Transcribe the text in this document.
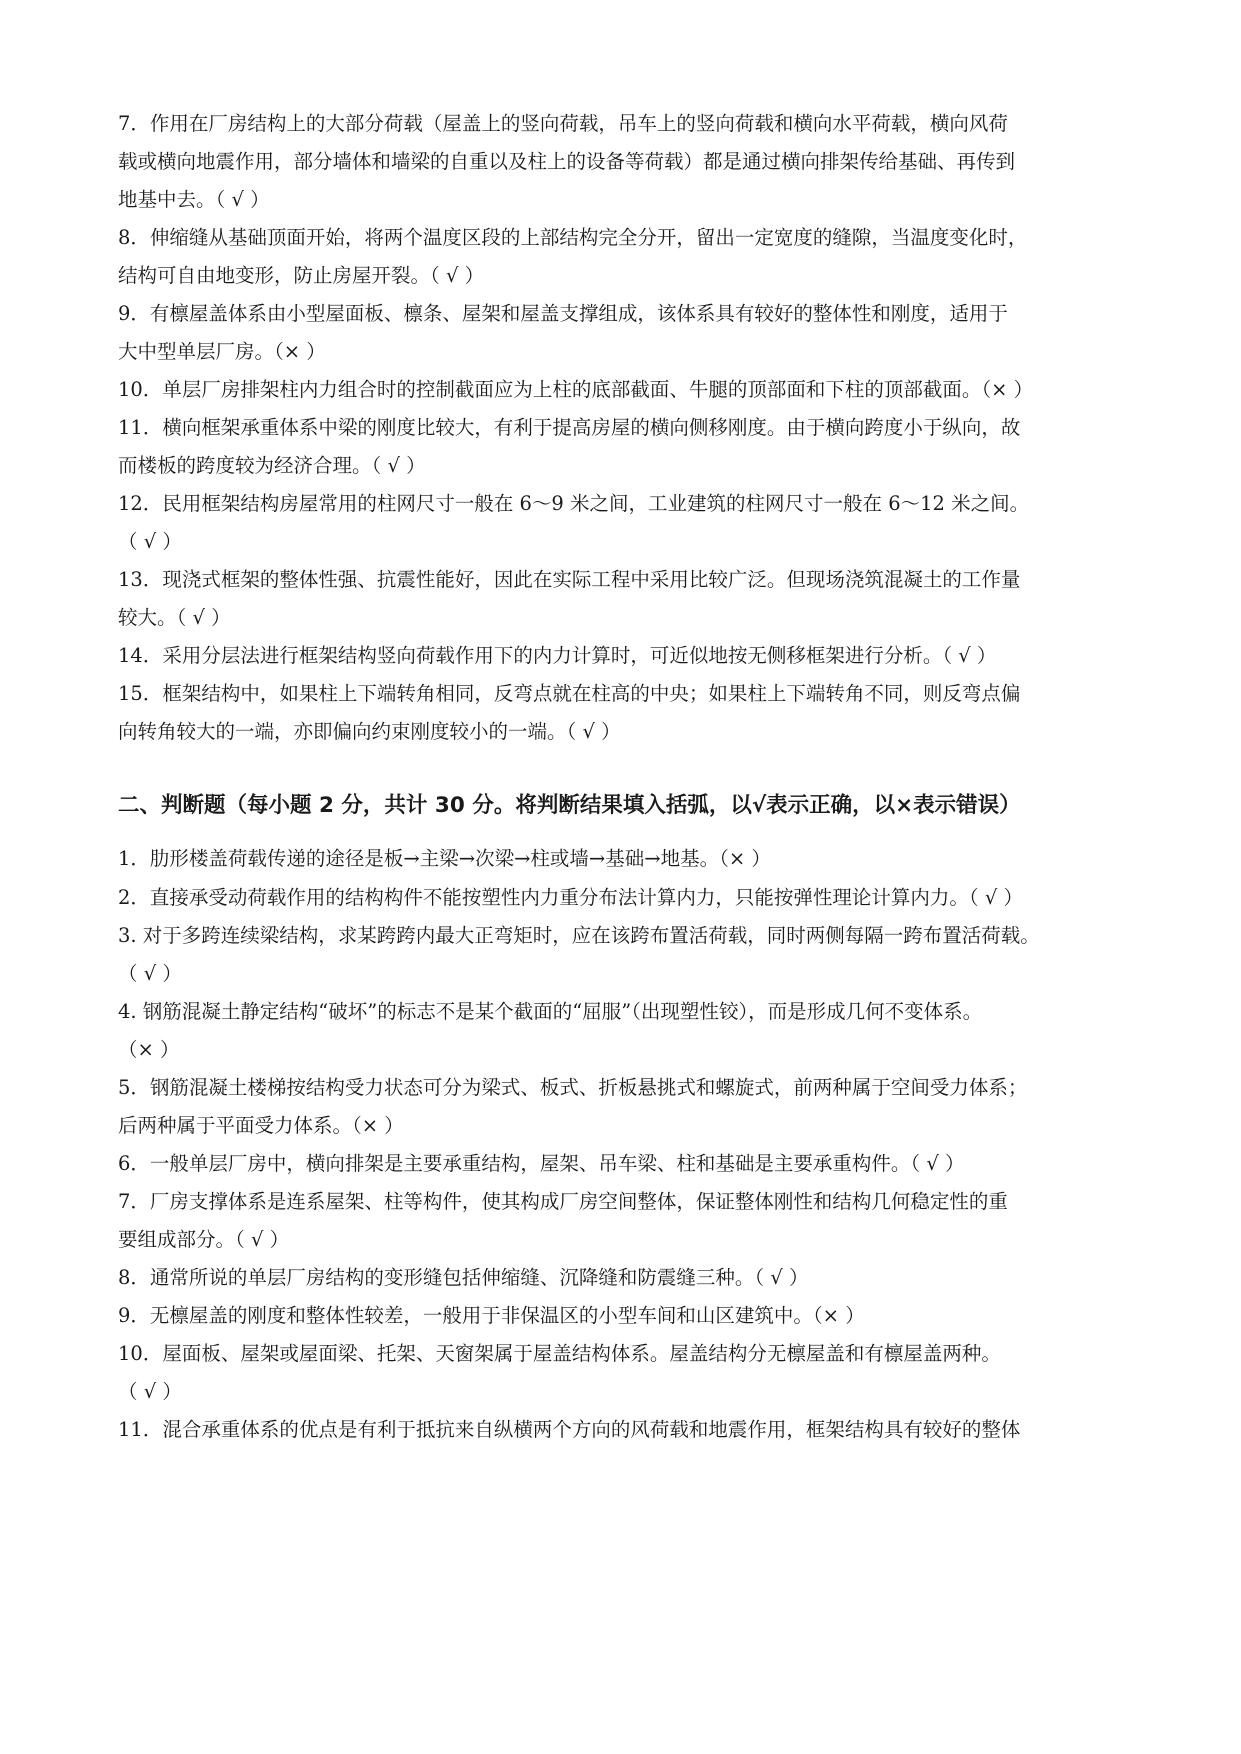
7．作用在厂房结构上的大部分荷载（屋盖上的竖向荷载，吊车上的竖向荷载和横向水平荷载，横向风荷
载或横向地震作用，部分墙体和墙梁的自重以及柱上的设备等荷载）都是通过横向排架传给基础、再传到
地基中去。（ √ ）
8．伸缩缝从基础顶面开始，将两个温度区段的上部结构完全分开，留出一定宽度的缝隙，当温度变化时，
结构可自由地变形，防止房屋开裂。（ √ ）
9．有檩屋盖体系由小型屋面板、檩条、屋架和屋盖支撑组成，该体系具有较好的整体性和刚度，适用于
大中型单层厂房。（× ）
10．单层厂房排架柱内力组合时的控制截面应为上柱的底部截面、牛腿的顶部面和下柱的顶部截面。（× ）
11．横向框架承重体系中梁的刚度比较大，有利于提高房屋的横向侧移刚度。由于横向跨度小于纵向，故
而楼板的跨度较为经济合理。（ √ ）
12．民用框架结构房屋常用的柱网尺寸一般在 6～9 米之间，工业建筑的柱网尺寸一般在 6～12 米之间。
（ √ ）
13．现浇式框架的整体性强、抗震性能好，因此在实际工程中采用比较广泛。但现场浇筑混凝土的工作量
较大。（ √ ）
14．采用分层法进行框架结构竖向荷载作用下的内力计算时，可近似地按无侧移框架进行分析。（ √ ）
15．框架结构中，如果柱上下端转角相同，反弯点就在柱高的中央；如果柱上下端转角不同，则反弯点偏
向转角较大的一端，亦即偏向约束刚度较小的一端。（ √ ）
二、判断题（每小题 2 分，共计 30 分。将判断结果填入括弧，以√表示正确，以×表示错误）
1．肋形楼盖荷载传递的途径是板→主梁→次梁→柱或墙→基础→地基。（× ）
2．直接承受动荷载作用的结构构件不能按塑性内力重分布法计算内力，只能按弹性理论计算内力。（ √ ）
3. 对于多跨连续梁结构，求某跨跨内最大正弯矩时，应在该跨布置活荷载，同时两侧每隔一跨布置活荷载。
（ √ ）
4. 钢筋混凝土静定结构“破坏”的标志不是某个截面的“屈服”（出现塑性铰），而是形成几何不变体系。
（× ）
5．钢筋混凝土楼梯按结构受力状态可分为梁式、板式、折板悬挑式和螺旋式，前两种属于空间受力体系；
后两种属于平面受力体系。（× ）
6．一般单层厂房中，横向排架是主要承重结构，屋架、吊车梁、柱和基础是主要承重构件。（ √ ）
7．厂房支撑体系是连系屋架、柱等构件，使其构成厂房空间整体，保证整体刚性和结构几何稳定性的重
要组成部分。（ √ ）
8．通常所说的单层厂房结构的变形缝包括伸缩缝、沉降缝和防震缝三种。（ √ ）
9．无檩屋盖的刚度和整体性较差，一般用于非保温区的小型车间和山区建筑中。（× ）
10．屋面板、屋架或屋面梁、托架、天窗架属于屋盖结构体系。屋盖结构分无檩屋盖和有檩屋盖两种。
（ √ ）
11．混合承重体系的优点是有利于抵抗来自纵横两个方向的风荷载和地震作用，框架结构具有较好的整体
